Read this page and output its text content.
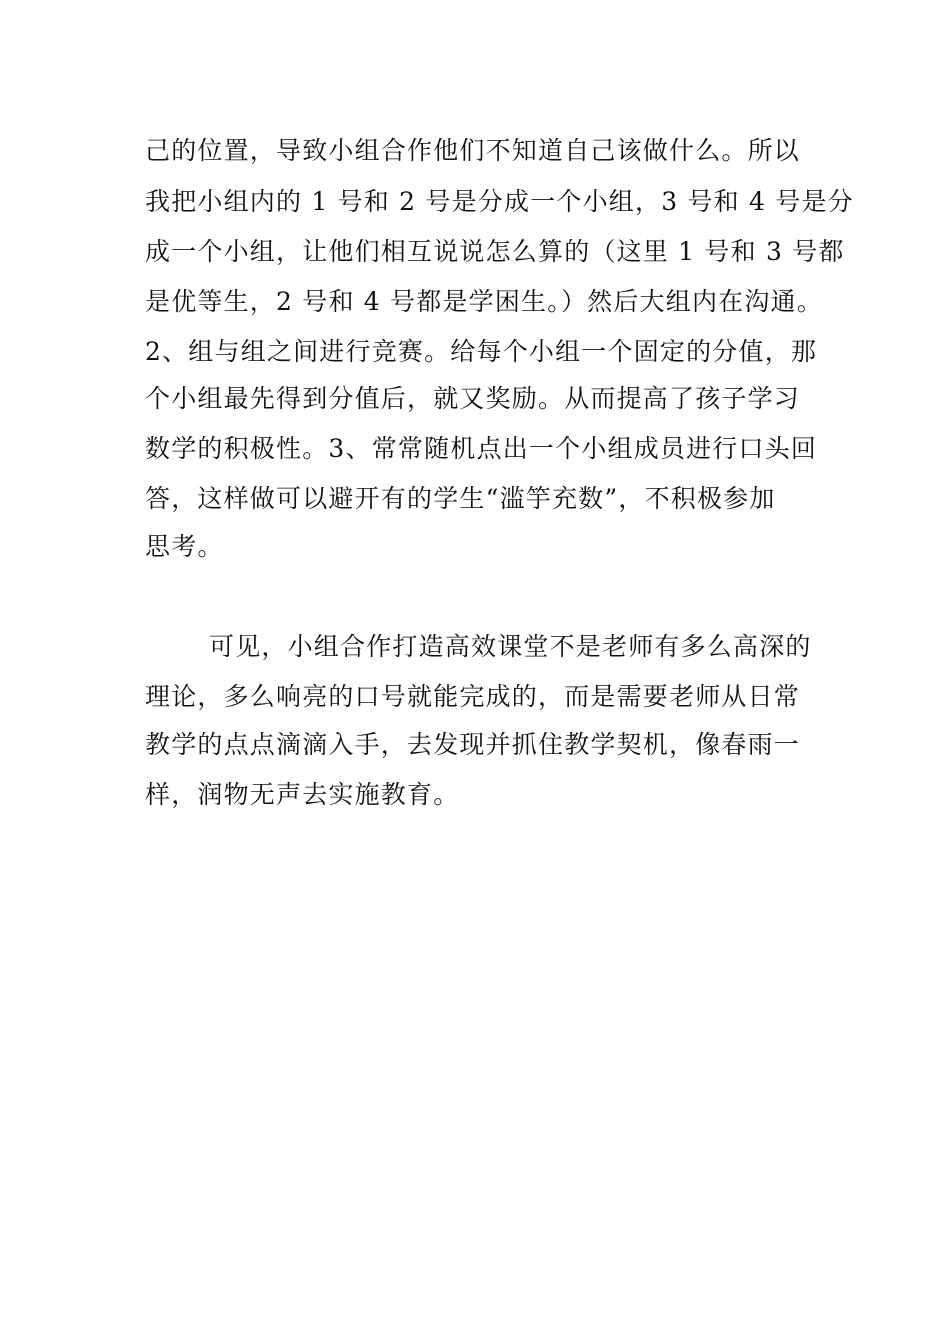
己的位置，导致小组合作他们不知道自己该做什么。所以
我把小组内的 1 号和 2 号是分成一个小组，3 号和 4 号是分
成一个小组，让他们相互说说怎么算的（这里 1 号和 3 号都
是优等生，2 号和 4 号都是学困生。）然后大组内在沟通。
2、组与组之间进行竞赛。给每个小组一个固定的分值，那
个小组最先得到分值后，就又奖励。从而提高了孩子学习
数学的积极性。3、常常随机点出一个小组成员进行口头回
答，这样做可以避开有的学生“滥竽充数”，不积极参加
思考。
可见，小组合作打造高效课堂不是老师有多么高深的
理论，多么响亮的口号就能完成的，而是需要老师从日常
教学的点点滴滴入手，去发现并抓住教学契机，像春雨一
样，润物无声去实施教育。
